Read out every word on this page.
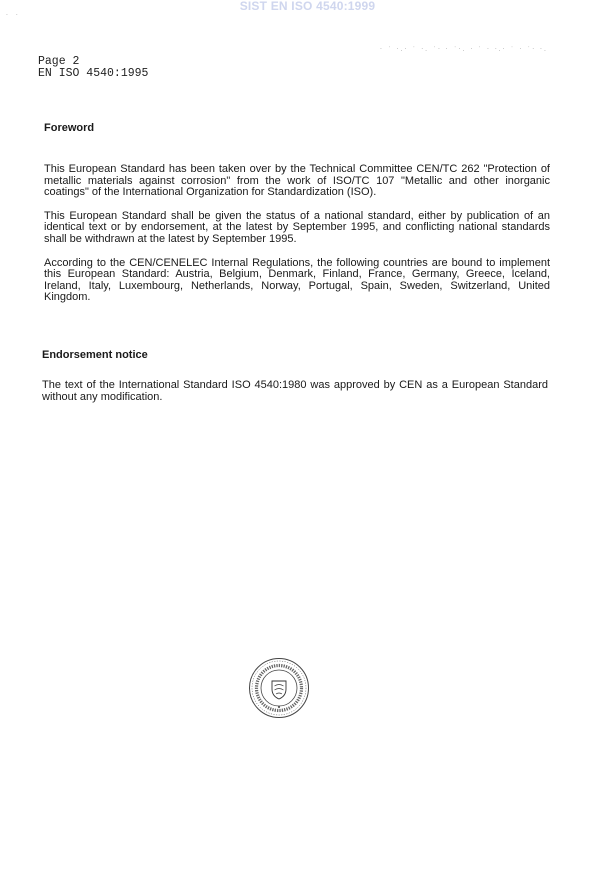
SIST EN ISO 4540:1999
· ·
· ˙ ·.· ˙ ·. ˙· · ˙·. · ˙ · ·.· ˙ · ˙· ·.
Page 2
EN ISO 4540:1995

Foreword

This European Standard has been taken over by the Technical Committee CEN/TC 262 "Protection of metallic materials against corrosion" from the work of ISO/TC 107 "Metallic and other inorganic coatings" of the International Organization for Standardization (ISO).

This European Standard shall be given the status of a national standard, either by publication of an identical text or by endorsement, at the latest by September 1995, and conflicting national standards shall be withdrawn at the latest by September 1995.

According to the CEN/CENELEC Internal Regulations, the following countries are bound to implement this European Standard: Austria, Belgium, Denmark, Finland, France, Germany, Greece, Iceland, Ireland, Italy, Luxembourg, Netherlands, Norway, Portugal, Spain, Sweden, Switzerland, United Kingdom.

Endorsement notice

The text of the International Standard ISO 4540:1980 was approved by CEN as a European Standard without any modification.
